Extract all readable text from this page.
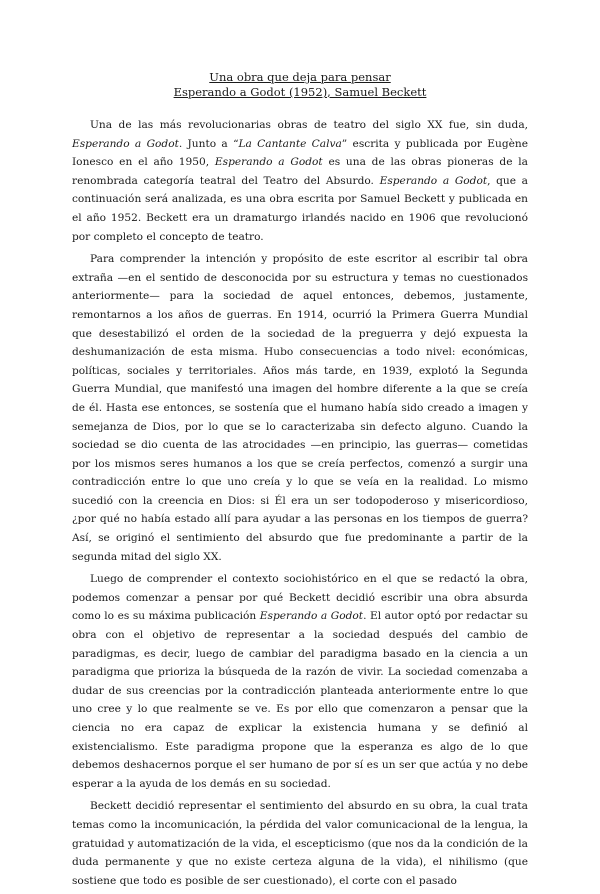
Una obra que deja para pensar

Esperando a Godot (1952), Samuel Beckett

Una de las más revolucionarias obras de teatro del siglo XX fue, sin duda, Esperando a Godot. Junto a “La Cantante Calva” escrita y publicada por Eugène Ionesco en el año 1950, Esperando a Godot es una de las obras pioneras de la renombrada categoría teatral del Teatro del Absurdo. Esperando a Godot, que a continuación será analizada, es una obra escrita por Samuel Beckett y publicada en el año 1952. Beckett era un dramaturgo irlandés nacido en 1906 que revolucionó por completo el concepto de teatro.

Para comprender la intención y propósito de este escritor al escribir tal obra extraña —en el sentido de desconocida por su estructura y temas no cuestionados anteriormente— para la sociedad de aquel entonces, debemos, justamente, remontarnos a los años de guerras. En 1914, ocurrió la Primera Guerra Mundial que desestabilizó el orden de la sociedad de la preguerra y dejó expuesta la deshumanización de esta misma. Hubo consecuencias a todo nivel: económicas, políticas, sociales y territoriales. Años más tarde, en 1939, explotó la Segunda Guerra Mundial, que manifestó una imagen del hombre diferente a la que se creía de él. Hasta ese entonces, se sostenía que el humano había sido creado a imagen y semejanza de Dios, por lo que se lo caracterizaba sin defecto alguno. Cuando la sociedad se dio cuenta de las atrocidades —en principio, las guerras— cometidas por los mismos seres humanos a los que se creía perfectos, comenzó a surgir una contradicción entre lo que uno creía y lo que se veía en la realidad. Lo mismo sucedió con la creencia en Dios: si Él era un ser todopoderoso y misericordioso, ¿por qué no había estado allí para ayudar a las personas en los tiempos de guerra? Así, se originó el sentimiento del absurdo que fue predominante a partir de la segunda mitad del siglo XX.

Luego de comprender el contexto sociohistórico en el que se redactó la obra, podemos comenzar a pensar por qué Beckett decidió escribir una obra absurda como lo es su máxima publicación Esperando a Godot. El autor optó por redactar su obra con el objetivo de representar a la sociedad después del cambio de paradigmas, es decir, luego de cambiar del paradigma basado en la ciencia a un paradigma que prioriza la búsqueda de la razón de vivir. La sociedad comenzaba a dudar de sus creencias por la contradicción planteada anteriormente entre lo que uno cree y lo que realmente se ve. Es por ello que comenzaron a pensar que la ciencia no era capaz de explicar la existencia humana y se definió al existencialismo. Este paradigma propone que la esperanza es algo de lo que debemos deshacernos porque el ser humano de por sí es un ser que actúa y no debe esperar a la ayuda de los demás en su sociedad.

Beckett decidió representar el sentimiento del absurdo en su obra, la cual trata temas como la incomunicación, la pérdida del valor comunicacional de la lengua, la gratuidad y automatización de la vida, el escepticismo (que nos da la condición de la duda permanente y que no existe certeza alguna de la vida), el nihilismo (que sostiene que todo es posible de ser cuestionado), el corte con el pasado
